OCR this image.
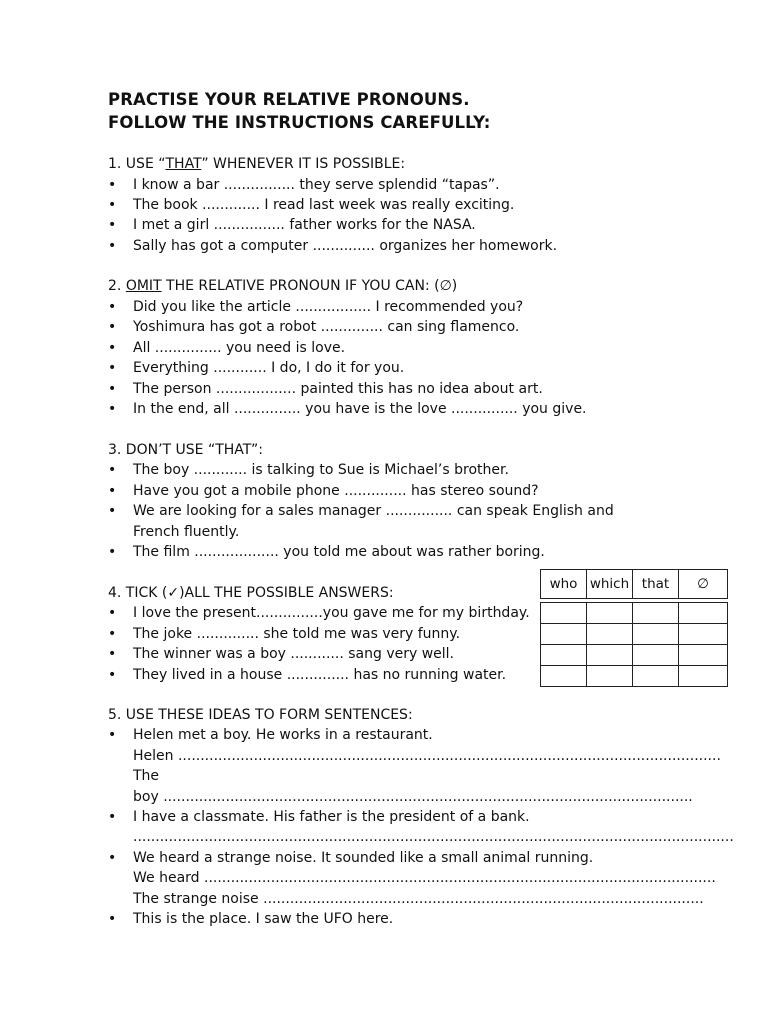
PRACTISE YOUR RELATIVE PRONOUNS.
FOLLOW THE INSTRUCTIONS CAREFULLY:
1. USE “THAT” WHENEVER IT IS POSSIBLE:
• I know a bar ................ they serve splendid “tapas”.
• The book ............. I read last week was really exciting.
• I met a girl ................ father works for the NASA.
• Sally has got a computer .............. organizes her homework.
2. OMIT THE RELATIVE PRONOUN IF YOU CAN: (∅)
• Did you like the article ................. I recommended you?
• Yoshimura has got a robot .............. can sing flamenco.
• All ............... you need is love.
• Everything ............ I do, I do it for you.
• The person .................. painted this has no idea about art.
• In the end, all ............... you have is the love ............... you give.
3. DON’T USE “THAT”:
• The boy ............ is talking to Sue is Michael’s brother.
• Have you got a mobile phone .............. has stereo sound?
• We are looking for a sales manager ............... can speak English and
French fluently.
• The film ................... you told me about was rather boring.
4. TICK (✓)ALL THE POSSIBLE ANSWERS:
• I love the present...............you gave me for my birthday.
• The joke .............. she told me was very funny.
• The winner was a boy ............ sang very well.
• They lived in a house .............. has no running water.
who	which	that	∅

5. USE THESE IDEAS TO FORM SENTENCES:
• Helen met a boy. He works in a restaurant.
Helen ..........................................................................................................................
The
boy .......................................................................................................................
• I have a classmate. His father is the president of a bank.
.......................................................................................................................................
• We heard a strange noise. It sounded like a small animal running.
We heard ...................................................................................................................
The strange noise ...................................................................................................
• This is the place. I saw the UFO here.
